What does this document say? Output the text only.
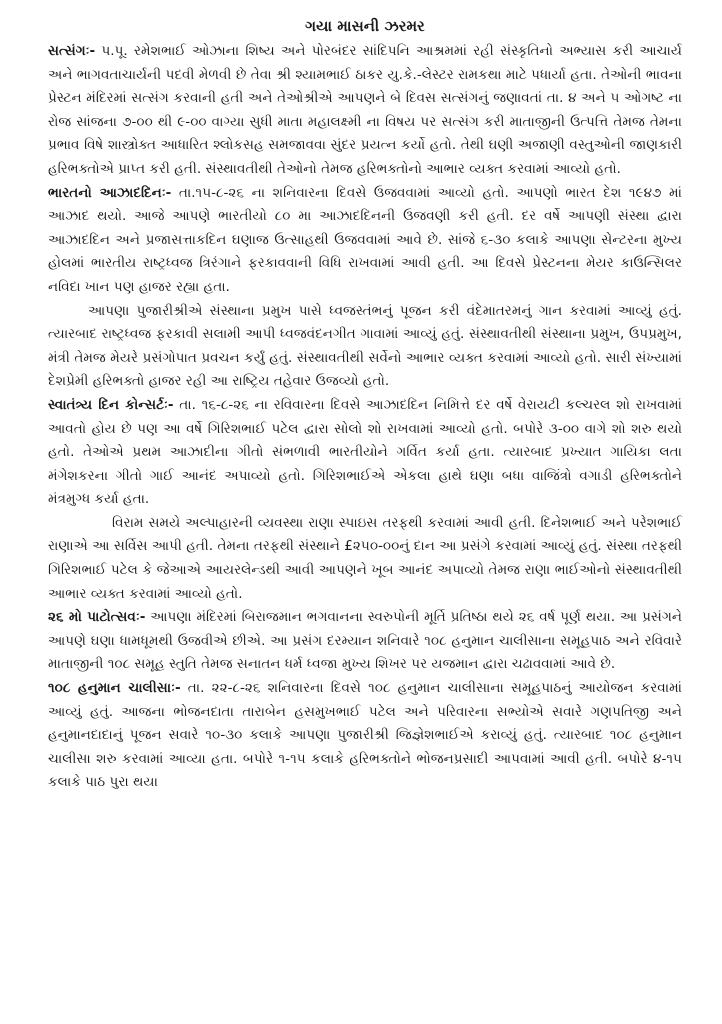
ગયા માસની ઝરમર

સત્સંગઃ- પ.પૂ. રમેશભાઈ ઓઝાના શિષ્ય અને પોરબંદર સાંદિપનિ આશ્રમમાં રહી સંસ્કૃતિનો અભ્યાસ કરી આચાર્ય અને ભાગવતાચાર્યની પદવી મેળવી છે તેવા શ્રી શ્યામભાઈ ઠાકર યુ.કે.-લેસ્ટર રામકથા માટે પધાર્યા હતા. તેઓની ભાવના પ્રેસ્ટન મંદિરમાં સત્સંગ કરવાની હતી અને તેઓશ્રીએ આપણને બે દિવસ સત્સંગનું જણાવતાં તા. ૪ અને ૫ ઓગષ્ટ ના રોજ સાંજના ૭-૦૦ થી ૯-૦૦ વાગ્યા સુધી માતા મહાલક્ષ્મી ના વિષય પર સત્સંગ કરી માતાજીની ઉત્પત્તિ તેમજ તેમના પ્રભાવ વિષે શાસ્ત્રોક્ત આધારિત શ્લોકસહ સમજાવવા સુંદર પ્રયત્ન કર્યો હતો. તેથી ઘણી અજાણી વસ્તુઓની જાણકારી હરિભક્તોએ પ્રાપ્ત કરી હતી. સંસ્થાવતીથી તેઓનો તેમજ હરિભક્તોનો આભાર વ્યક્ત કરવામાં આવ્યો હતો.

ભારતનો આઝાદદિનઃ- તા.૧૫-૮-૨૬ ના શનિવારના દિવસે ઉજવવામાં આવ્યો હતો. આપણો ભારત દેશ ૧૯૪૭ માં આઝાદ થયો. આજે આપણે ભારતીયો ૮૦ મા આઝાદદિનની ઉજવણી કરી હતી. દર વર્ષે આપણી સંસ્થા દ્વારા આઝાદદિન અને પ્રજાસત્તાકદિન ઘણાજ ઉત્સાહથી ઉજવવામાં આવે છે. સાંજે ૬-૩૦ કલાકે આપણા સેન્ટરના મુખ્ય હોલમાં ભારતીય રાષ્ટ્રધ્વજ ત્રિરંગાને ફરકાવવાની વિધિ રાખવામાં આવી હતી. આ દિવસે પ્રેસ્ટનના મેયર કાઉન્સિલર નવિદા ખાન પણ હાજર રહ્યા હતા.

આપણા પુજારીશ્રીએ સંસ્થાના પ્રમુખ પાસે ધ્વજસ્તંભનું પૂજન કરી વંદેમાતરમનું ગાન કરવામાં આવ્યું હતું. ત્યારબાદ રાષ્ટ્રધ્વજ ફરકાવી સલામી આપી ધ્વજવંદનગીત ગાવામાં આવ્યું હતું. સંસ્થાવતીથી સંસ્થાના પ્રમુખ, ઉપપ્રમુખ, મંત્રી તેમજ મેયરે પ્રસંગોપાત પ્રવચન કર્યું હતું. સંસ્થાવતીથી સર્વેનો આભાર વ્યક્ત કરવામાં આવ્યો હતો. સારી સંખ્યામાં દેશપ્રેમી હરિભક્તો હાજર રહી આ રાષ્ટ્રિય તહેવાર ઉજવ્યો હતો.

સ્વાતંત્ર્ય દિન કોન્સર્ટઃ- તા. ૧૬-૮-૨૬ ના રવિવારના દિવસે આઝાદદિન નિમિત્તે દર વર્ષે વેરાયટી કલ્ચરલ શો રાખવામાં આવતો હોય છે પણ આ વર્ષે ગિરિશભાઈ પટેલ દ્વારા સોલો શો રાખવામાં આવ્યો હતો. બપોરે ૩-૦૦ વાગે શો શરુ થયો હતો. તેઓએ પ્રથમ આઝાદીના ગીતો સંભળાવી ભારતીયોને ગર્વિત કર્યા હતા. ત્યારબાદ પ્રખ્યાત ગાયિકા લતા મંગેશકરના ગીતો ગાઈ આનંદ અપાવ્યો હતો. ગિરિશભાઈએ એકલા હાથે ઘણા બધા વાજિંત્રો વગાડી હરિભક્તોને મંત્રમુગ્ધ કર્યા હતા.

વિરામ સમયે અલ્પાહારની વ્યવસ્થા રાણા સ્પાઇસ તરફથી કરવામાં આવી હતી. દિનેશભાઈ અને પરેશભાઈ રાણાએ આ સર્વિસ આપી હતી. તેમના તરફથી સંસ્થાને £૨૫૦-૦૦નું દાન આ પ્રસંગે કરવામાં આવ્યું હતું. સંસ્થા તરફથી ગિરિશભાઈ પટેલ કે જેઆએ આયરલેન્ડથી આવી આપણને ખૂબ આનંદ અપાવ્યો તેમજ રાણા ભાઈઓનો સંસ્થાવતીથી આભાર વ્યક્ત કરવામાં આવ્યો હતો.

૨૬ મો પાટોત્સવઃ- આપણા મંદિરમાં બિરાજમાન ભગવાનના સ્વરુપોની મૂર્તિ પ્રતિષ્ઠા થયે ૨૬ વર્ષ પૂર્ણ થયા. આ પ્રસંગને આપણે ઘણા ધામધૂમથી ઉજવીએ છીએ. આ પ્રસંગ દરમ્યાન શનિવારે ૧૦૮ હનુમાન ચાલીસાના સમૂહપાઠ અને રવિવારે માતાજીની ૧૦૮ સમૂહ સ્તુતિ તેમજ સનાતન ધર્મ ધ્વજા મુખ્ય શિખર પર યજમાન દ્વારા ચઢાવવામાં આવે છે.

૧૦૮ હનુમાન ચાલીસાઃ- તા. ૨૨-૮-૨૬ શનિવારના દિવસે ૧૦૮ હનુમાન ચાલીસાના સમૂહપાઠનું આયોજન કરવામાં આવ્યું હતું. આજના ભોજનદાતા તારાબેન હસમુખભાઈ પટેલ અને પરિવારના સભ્યોએ સવારે ગણપતિજી અને હનુમાનદાદાનું પૂજન સવારે ૧૦-૩૦ કલાકે આપણા પુજારીશ્રી જિજ્ઞેશભાઈએ કરાવ્યું હતું. ત્યારબાદ ૧૦૮ હનુમાન ચાલીસા શરુ કરવામાં આવ્યા હતા. બપોરે ૧-૧૫ કલાકે હરિભક્તોને ભોજનપ્રસાદી આપવામાં આવી હતી. બપોરે ૪-૧૫ કલાકે પાઠ પુરા થયા
